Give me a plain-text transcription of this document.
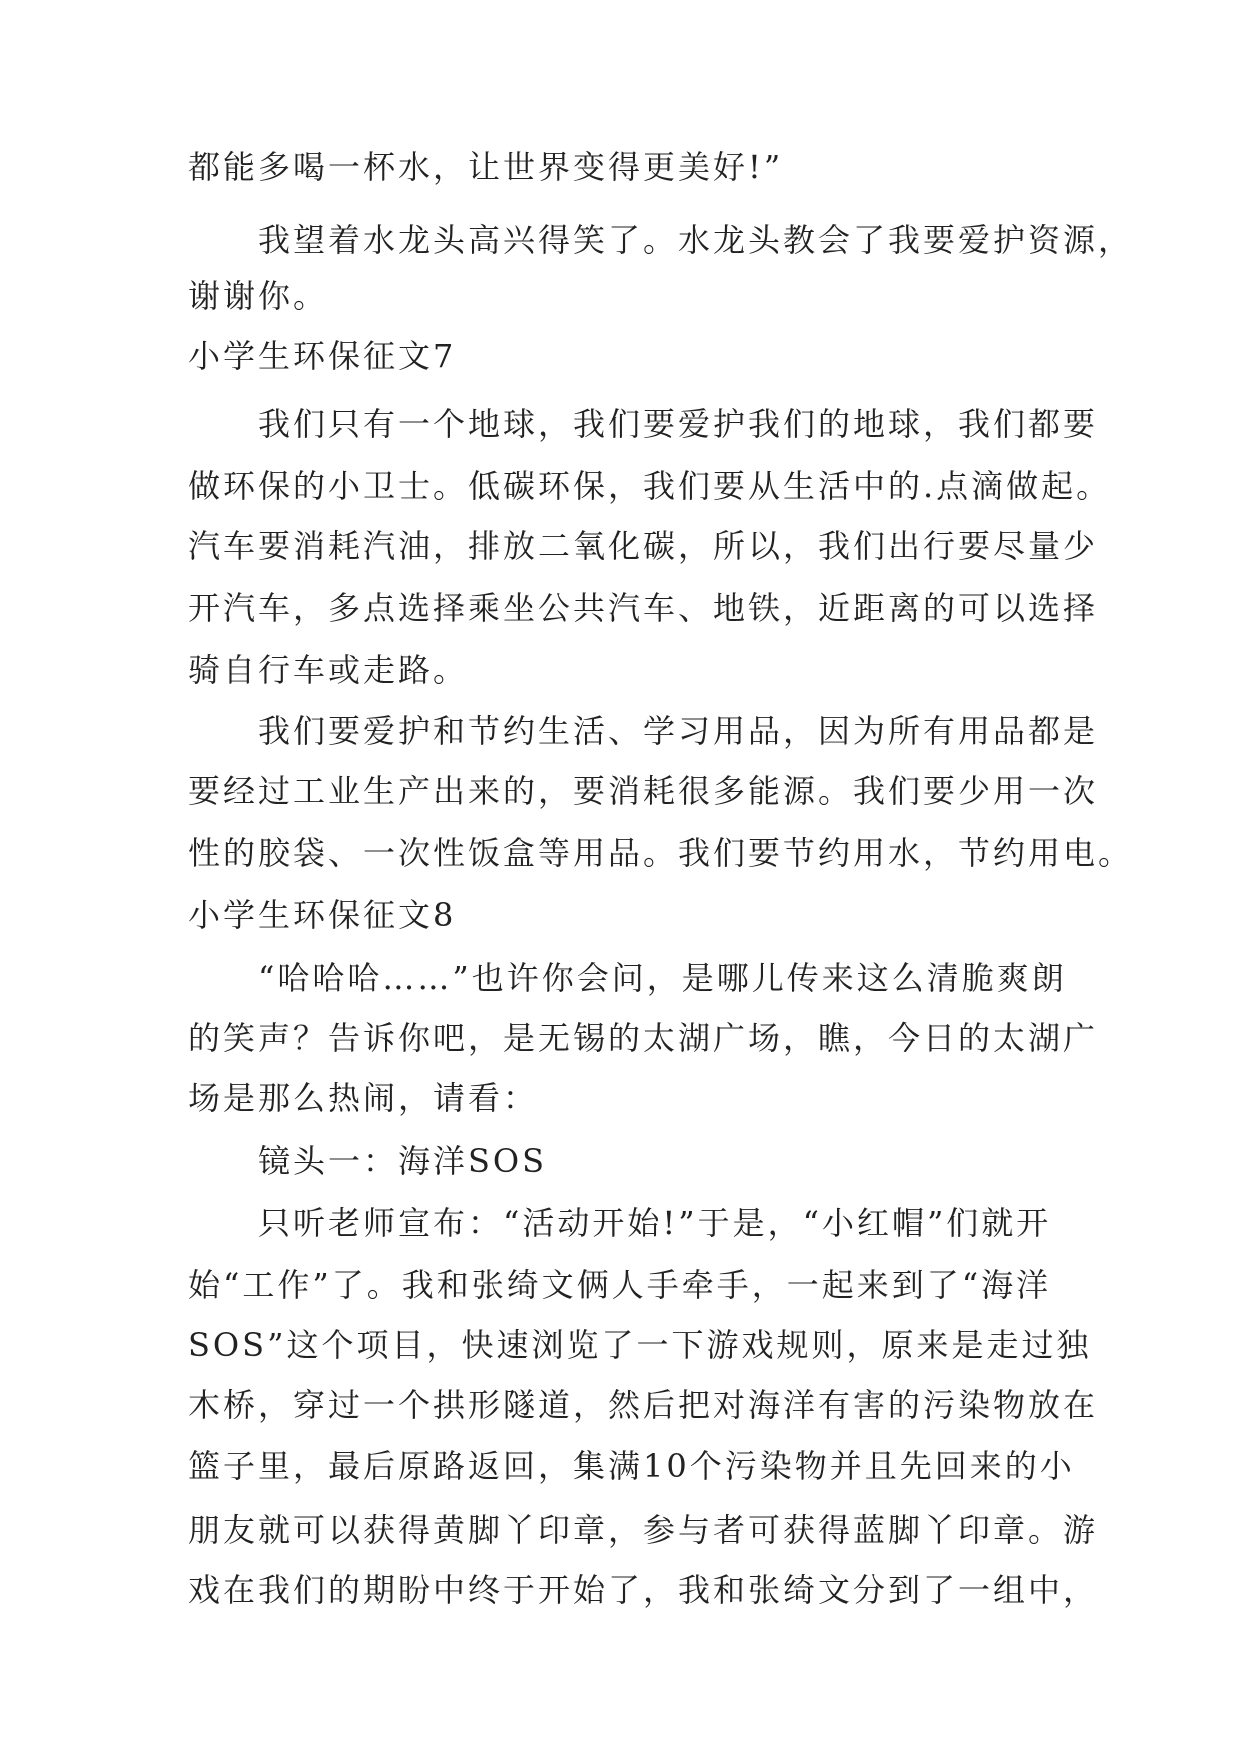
都能多喝一杯水，让世界变得更美好!”
我望着水龙头高兴得笑了。水龙头教会了我要爱护资源，
谢谢你。
小学生环保征文7
我们只有一个地球，我们要爱护我们的地球，我们都要
做环保的小卫士。低碳环保，我们要从生活中的.点滴做起。
汽车要消耗汽油，排放二氧化碳，所以，我们出行要尽量少
开汽车，多点选择乘坐公共汽车、地铁，近距离的可以选择
骑自行车或走路。
我们要爱护和节约生活、学习用品，因为所有用品都是
要经过工业生产出来的，要消耗很多能源。我们要少用一次
性的胶袋、一次性饭盒等用品。我们要节约用水，节约用电。
小学生环保征文8
“哈哈哈……”也许你会问，是哪儿传来这么清脆爽朗
的笑声？告诉你吧，是无锡的太湖广场，瞧，今日的太湖广
场是那么热闹，请看：
镜头一：海洋SOS
只听老师宣布：“活动开始!”于是，“小红帽”们就开
始“工作”了。我和张绮文俩人手牵手，一起来到了“海洋
SOS”这个项目，快速浏览了一下游戏规则，原来是走过独
木桥，穿过一个拱形隧道，然后把对海洋有害的污染物放在
篮子里，最后原路返回，集满10个污染物并且先回来的小
朋友就可以获得黄脚丫印章，参与者可获得蓝脚丫印章。游
戏在我们的期盼中终于开始了，我和张绮文分到了一组中，
